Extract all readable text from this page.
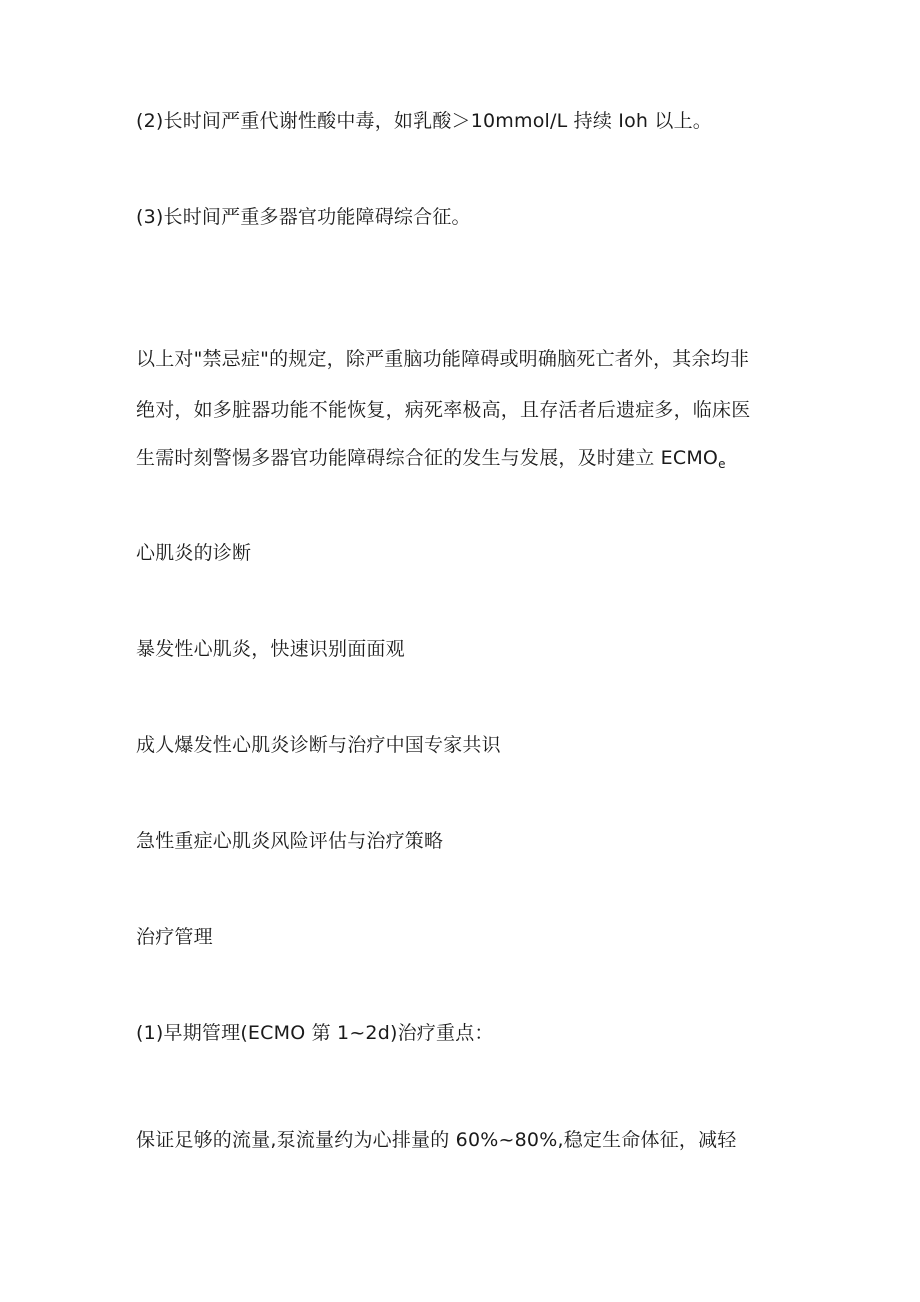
(2)长时间严重代谢性酸中毒，如乳酸＞10mmol/L 持续 Ioh 以上。

(3)长时间严重多器官功能障碍综合征。

以上对"禁忌症"的规定，除严重脑功能障碍或明确脑死亡者外，其余均非

绝对，如多脏器功能不能恢复，病死率极高，且存活者后遗症多，临床医

生需时刻警惕多器官功能障碍综合征的发生与发展，及时建立 $ECMO_e$

心肌炎的诊断

暴发性心肌炎，快速识别面面观

成人爆发性心肌炎诊断与治疗中国专家共识

急性重症心肌炎风险评估与治疗策略

治疗管理

(1)早期管理(ECMO 第 1~2d)治疗重点：

保证足够的流量,泵流量约为心排量的 60%~80%,稳定生命体征，减轻
